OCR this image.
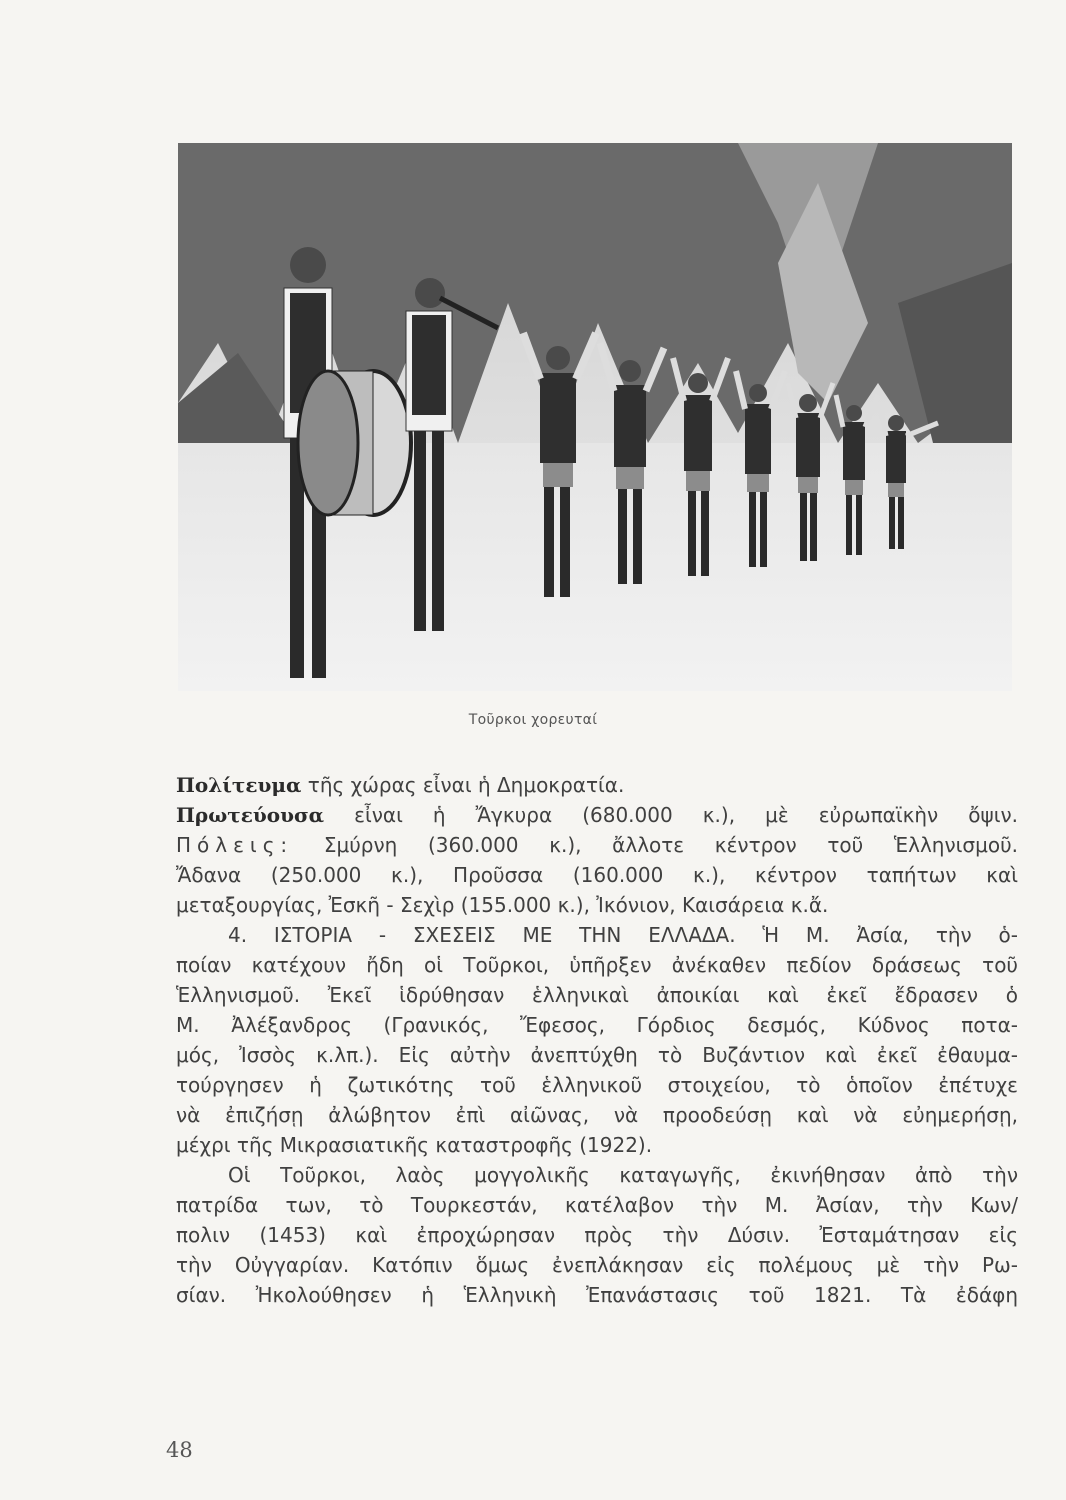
Τοῦρκοι χορευταί
Πολίτευμα τῆς χώρας εἶναι ἡ Δημοκρατία.
Πρωτεύουσα εἶναι ἡ Ἄγκυρα (680.000 κ.), μὲ εὐρωπαϊκὴν ὄψιν.
Πόλεις: Σμύρνη (360.000 κ.), ἄλλοτε κέντρον τοῦ Ἑλληνισμοῦ.
Ἄδανα (250.000 κ.), Προῦσσα (160.000 κ.), κέντρον ταπήτων καὶ
μεταξουργίας, Ἐσκῆ - Σεχὶρ (155.000 κ.), Ἰκόνιον, Καισάρεια κ.ἄ.
4. ΙΣΤΟΡΙΑ - ΣΧΕΣΕΙΣ ΜΕ ΤΗΝ ΕΛΛΑΔΑ. Ἡ Μ. Ἀσία, τὴν ὁ-
ποίαν κατέχουν ἤδη οἱ Τοῦρκοι, ὑπῆρξεν ἀνέκαθεν πεδίον δράσεως τοῦ
Ἑλληνισμοῦ. Ἐκεῖ ἱδρύθησαν ἑλληνικαὶ ἀποικίαι καὶ ἐκεῖ ἔδρασεν ὁ
Μ. Ἀλέξανδρος (Γρανικός, Ἔφεσος, Γόρδιος δεσμός, Κύδνος ποτα-
μός, Ἰσσὸς κ.λπ.). Εἰς αὐτὴν ἀνεπτύχθη τὸ Βυζάντιον καὶ ἐκεῖ ἐθαυμα-
τούργησεν ἡ ζωτικότης τοῦ ἑλληνικοῦ στοιχείου, τὸ ὁποῖον ἐπέτυχε
νὰ ἐπιζήσῃ ἀλώβητον ἐπὶ αἰῶνας, νὰ προοδεύσῃ καὶ νὰ εὐημερήσῃ,
μέχρι τῆς Μικρασιατικῆς καταστροφῆς (1922).
Οἱ Τοῦρκοι, λαὸς μογγολικῆς καταγωγῆς, ἐκινήθησαν ἀπὸ τὴν
πατρίδα των, τὸ Τουρκεστάν, κατέλαβον τὴν Μ. Ἀσίαν, τὴν Κων/
πολιν (1453) καὶ ἐπροχώρησαν πρὸς τὴν Δύσιν. Ἐσταμάτησαν εἰς
τὴν Οὐγγαρίαν. Κατόπιν ὅμως ἐνεπλάκησαν εἰς πολέμους μὲ τὴν Ρω-
σίαν. Ἠκολούθησεν ἡ Ἑλληνικὴ Ἐπανάστασις τοῦ 1821. Τὰ ἐδάφη
48
